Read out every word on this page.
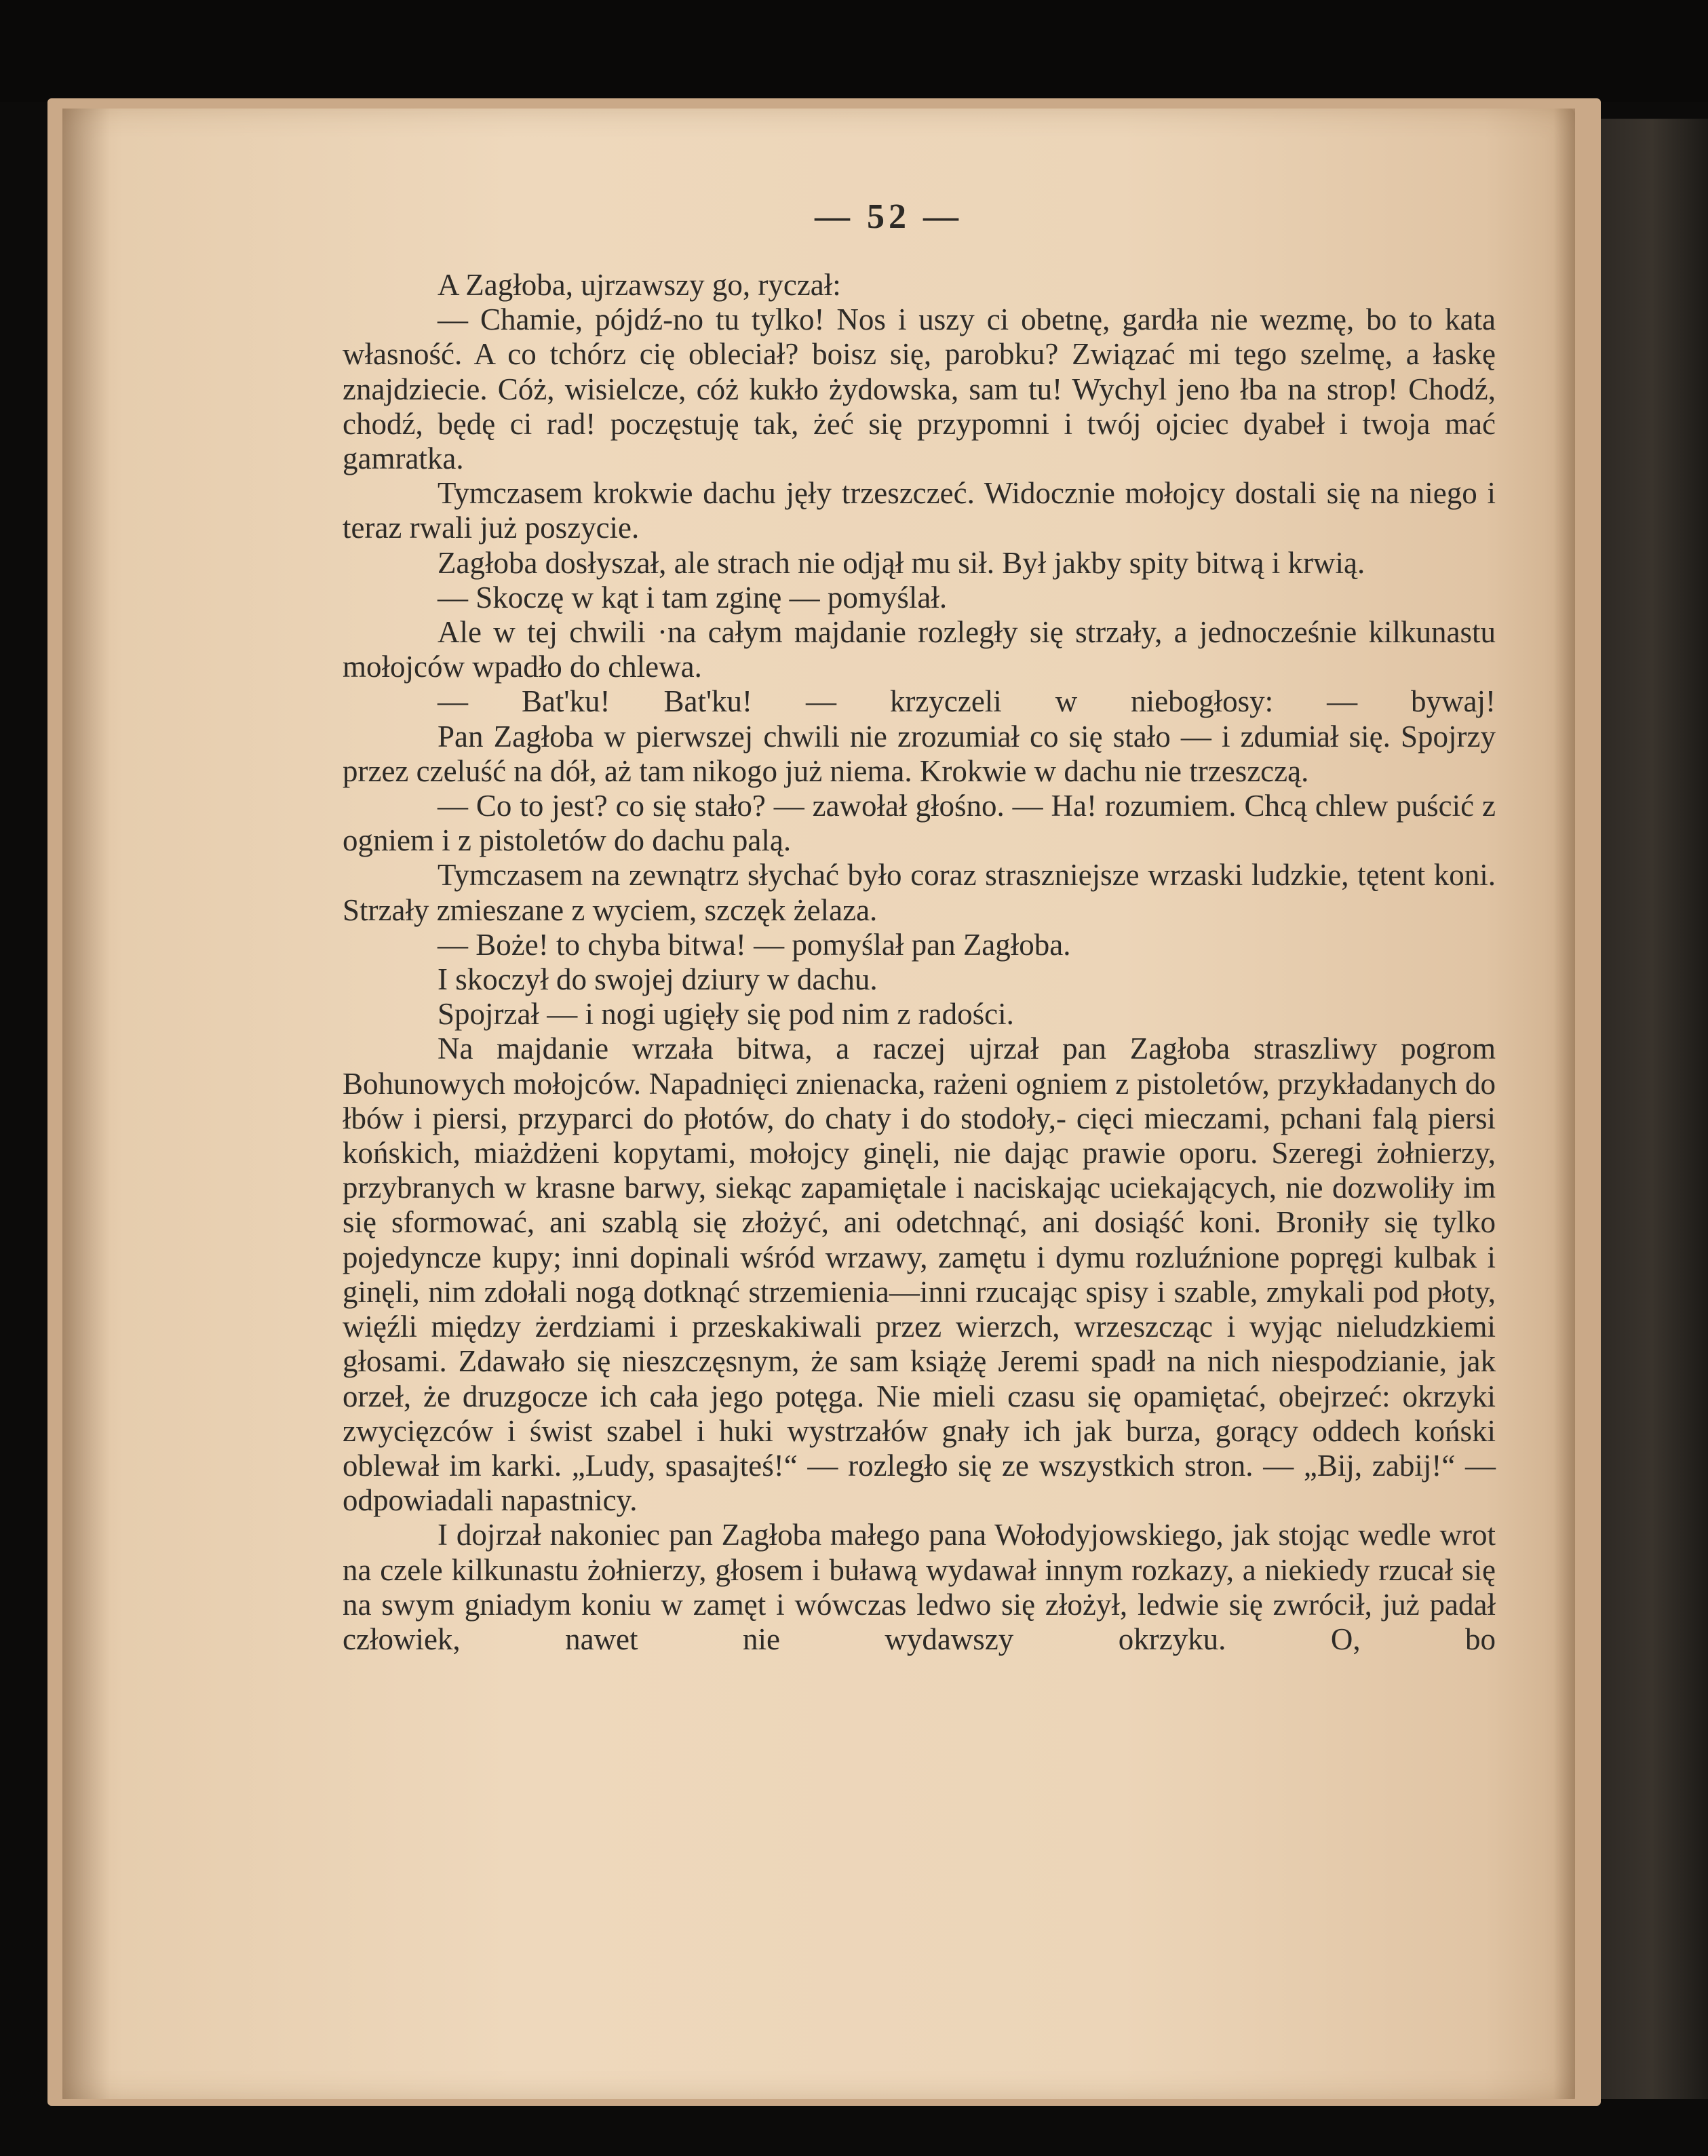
— 52 —

A Zagłoba, ujrzawszy go, ryczał:

— Chamie, pójdź-no tu tylko! Nos i uszy ci obetnę, gardła nie wezmę, bo to kata własność. A co tchórz cię obleciał? boisz się, parobku? Związać mi tego szelmę, a łaskę znajdziecie. Cóż, wisielcze, cóż kukło żydowska, sam tu! Wychyl jeno łba na strop! Chodź, chodź, będę ci rad! poczęstuję tak, żeć się przypomni i twój ojciec dyabeł i twoja mać gamratka.

Tymczasem krokwie dachu jęły trzeszczeć. Widocznie mołojcy dostali się na niego i teraz rwali już poszycie.

Zagłoba dosłyszał, ale strach nie odjął mu sił. Był jakby spity bitwą i krwią.

— Skoczę w kąt i tam zginę — pomyślał.

Ale w tej chwili ·na całym majdanie rozległy się strzały, a jednocześnie kilkunastu mołojców wpadło do chlewa.

— Bat'ku! Bat'ku! — krzyczeli w niebogłosy: — bywaj!

Pan Zagłoba w pierwszej chwili nie zrozumiał co się stało — i zdumiał się. Spojrzy przez czeluść na dół, aż tam nikogo już niema. Krokwie w dachu nie trzeszczą.

— Co to jest? co się stało? — zawołał głośno. — Ha! rozumiem. Chcą chlew puścić z ogniem i z pistoletów do dachu palą.

Tymczasem na zewnątrz słychać było coraz straszniejsze wrzaski ludzkie, tętent koni. Strzały zmieszane z wyciem, szczęk żelaza.

— Boże! to chyba bitwa! — pomyślał pan Zagłoba.

I skoczył do swojej dziury w dachu.

Spojrzał — i nogi ugięły się pod nim z radości.

Na majdanie wrzała bitwa, a raczej ujrzał pan Zagłoba straszliwy pogrom Bohunowych mołojców. Napadnięci znienacka, rażeni ogniem z pistoletów, przykładanych do łbów i piersi, przyparci do płotów, do chaty i do stodoły,- cięci mieczami, pchani falą piersi końskich, miażdżeni kopytami, mołojcy ginęli, nie dając prawie oporu. Szeregi żołnierzy, przybranych w krasne barwy, siekąc zapamiętale i naciskając uciekających, nie dozwoliły im się sformować, ani szablą się złożyć, ani odetchnąć, ani dosiąść koni. Broniły się tylko pojedyncze kupy; inni dopinali wśród wrzawy, zamętu i dymu rozluźnione popręgi kulbak i ginęli, nim zdołali nogą dotknąć strzemienia—inni rzucając spisy i szable, zmykali pod płoty, więźli między żerdziami i przeskakiwali przez wierzch, wrzeszcząc i wyjąc nieludzkiemi głosami. Zdawało się nieszczęsnym, że sam książę Jeremi spadł na nich niespodzianie, jak orzeł, że druzgocze ich cała jego potęga. Nie mieli czasu się opamiętać, obejrzeć: okrzyki zwycięzców i świst szabel i huki wystrzałów gnały ich jak burza, gorący oddech koński oblewał im karki. „Ludy, spasajteś!“ — rozległo się ze wszystkich stron. — „Bij, zabij!“ — odpowiadali napastnicy.

I dojrzał nakoniec pan Zagłoba małego pana Wołodyjowskiego, jak stojąc wedle wrot na czele kilkunastu żołnierzy, głosem i buławą wydawał innym rozkazy, a niekiedy rzucał się na swym gniadym koniu w zamęt i wówczas ledwo się złożył, ledwie się zwrócił, już padał człowiek, nawet nie wydawszy okrzyku. O, bo
